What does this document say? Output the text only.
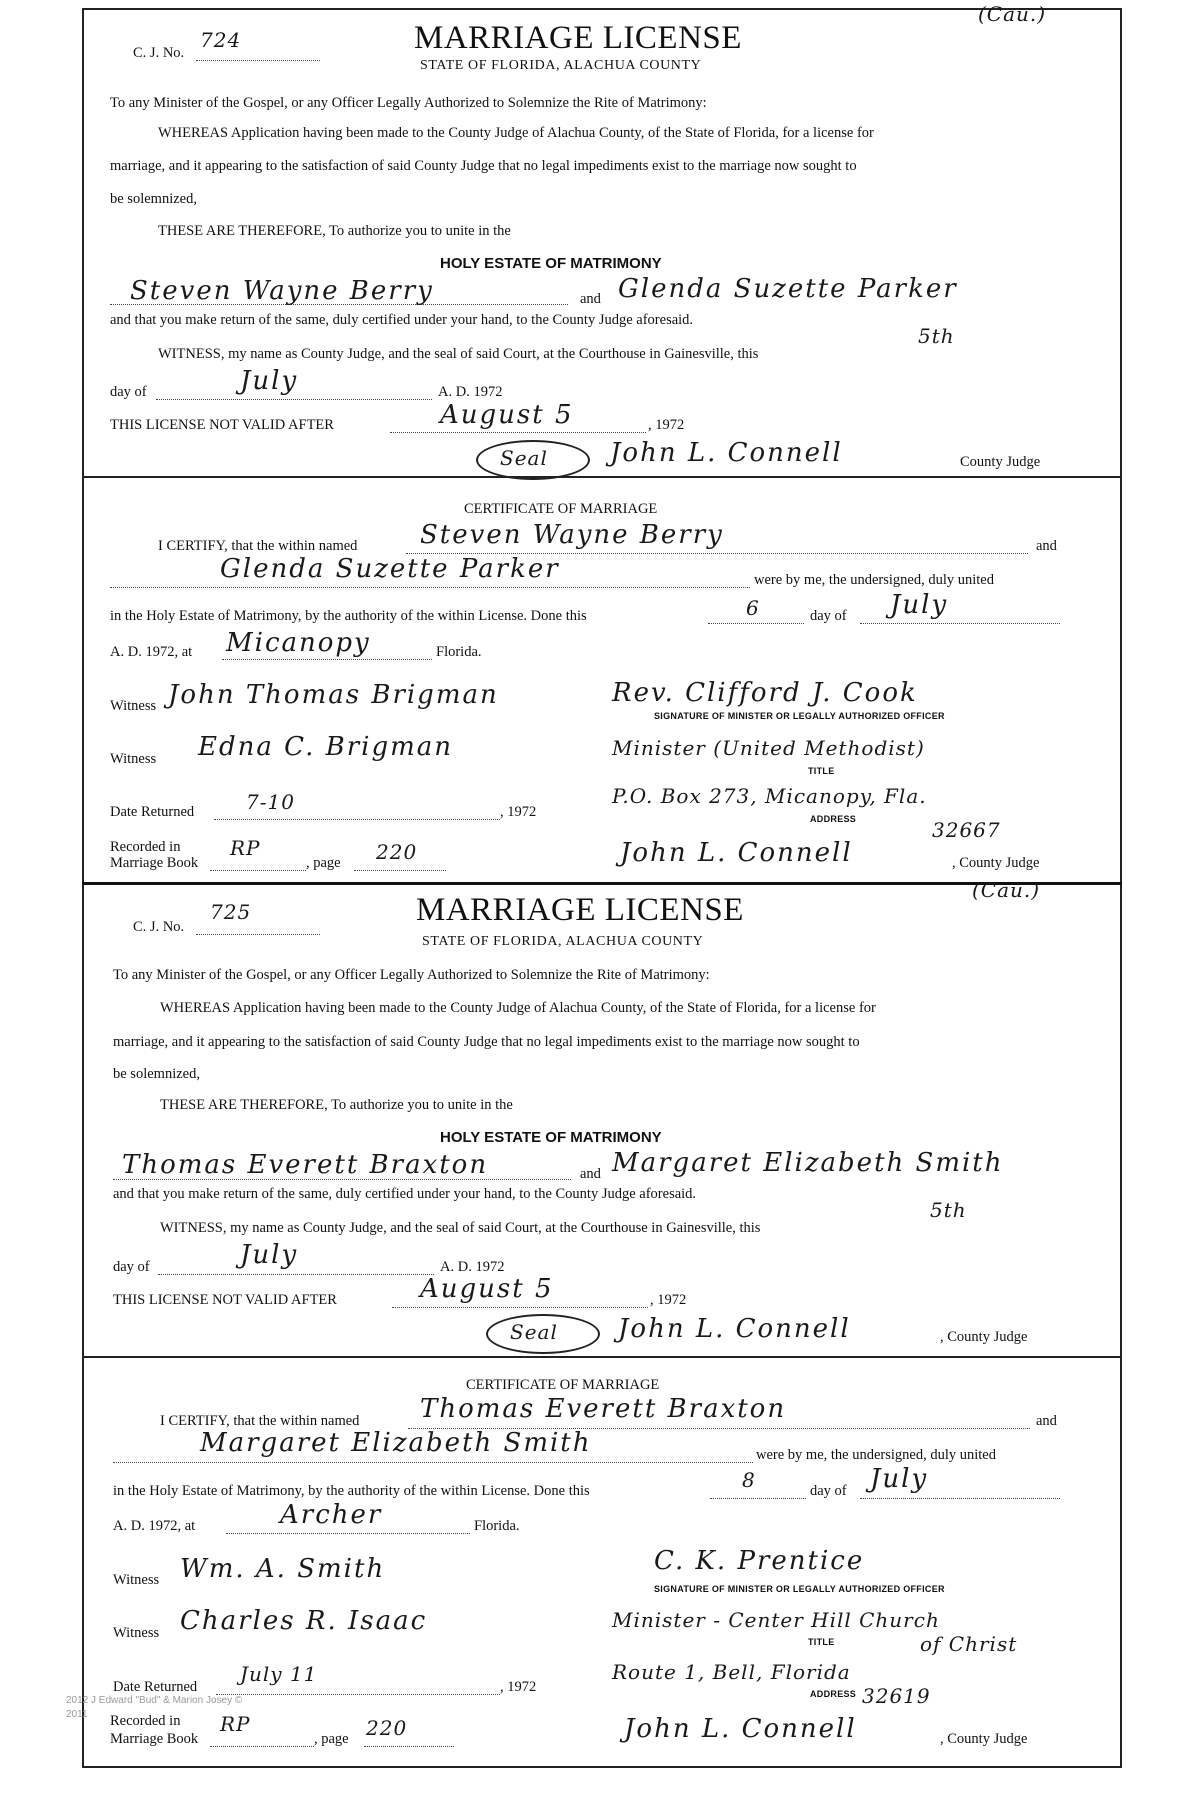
C. J. No.
724
(Cau.)
MARRIAGE LICENSE
STATE OF FLORIDA, ALACHUA COUNTY
To any Minister of the Gospel, or any Officer Legally Authorized to Solemnize the Rite of Matrimony:
WHEREAS Application having been made to the County Judge of Alachua County, of the State of Florida, for a license for
marriage, and it appearing to the satisfaction of said County Judge that no legal impediments exist to the marriage now sought to
be solemnized,
THESE ARE THEREFORE, To authorize you to unite in the
HOLY ESTATE OF MATRIMONY
Steven Wayne Berry	and Glenda Suzette Parker
and that you make return of the same, duly certified under your hand, to the County Judge aforesaid.
WITNESS, my name as County Judge, and the seal of said Court, at the Courthouse in Gainesville, this
5th
day of	July	A. D. 1972
THIS LICENSE NOT VALID AFTER	August 5	, 1972
Seal John L. Connell	County Judge
CERTIFICATE OF MARRIAGE
I CERTIFY, that the within named Steven Wayne Berry	and
Glenda Suzette Parker	were by me, the undersigned, duly united
in the Holy Estate of Matrimony, by the authority of the within License. Done this	6	day of July
A. D. 1972, at Micanopy	Florida.
Witness John Thomas Brigman	Rev. Clifford J. Cook
SIGNATURE OF MINISTER OR LEGALLY AUTHORIZED OFFICER
Witness Edna C. Brigman	Minister (United Methodist)
TITLE
Date Returned	7-10	, 1972
P.O. Box 273, Micanopy, Fla.
ADDRESS	32667
Recorded in
Marriage Book
RP
, page 220	John L. Connell	, County Judge
C. J. No.
725
(Cau.)
MARRIAGE LICENSE
STATE OF FLORIDA, ALACHUA COUNTY
To any Minister of the Gospel, or any Officer Legally Authorized to Solemnize the Rite of Matrimony:
WHEREAS Application having been made to the County Judge of Alachua County, of the State of Florida, for a license for
marriage, and it appearing to the satisfaction of said County Judge that no legal impediments exist to the marriage now sought to
be solemnized,
THESE ARE THEREFORE, To authorize you to unite in the
HOLY ESTATE OF MATRIMONY
Thomas Everett Braxton	and Margaret Elizabeth Smith
and that you make return of the same, duly certified under your hand, to the County Judge aforesaid.
WITNESS, my name as County Judge, and the seal of said Court, at the Courthouse in Gainesville, this
5th
day of	July	A. D. 1972
THIS LICENSE NOT VALID AFTER	August 5	, 1972
Seal John L. Connell	, County Judge
CERTIFICATE OF MARRIAGE
I CERTIFY, that the within named Thomas Everett Braxton	and
Margaret Elizabeth Smith	were by me, the undersigned, duly united
in the Holy Estate of Matrimony, by the authority of the within License. Done this	8	day of July
A. D. 1972, at	Archer	Florida.
Witness Wm. A. Smith	C. K. Prentice
SIGNATURE OF MINISTER OR LEGALLY AUTHORIZED OFFICER
Witness Charles R. Isaac	Minister - Center Hill Church
of Christ
TITLE
Date Returned
July 11
, 1972
Route 1, Bell, Florida
ADDRESS 32619
Recorded in
Marriage Book
RP
, page 220	John L. Connell	, County Judge
2012 J Edward "Bud" & Marion Josey ©
2011
